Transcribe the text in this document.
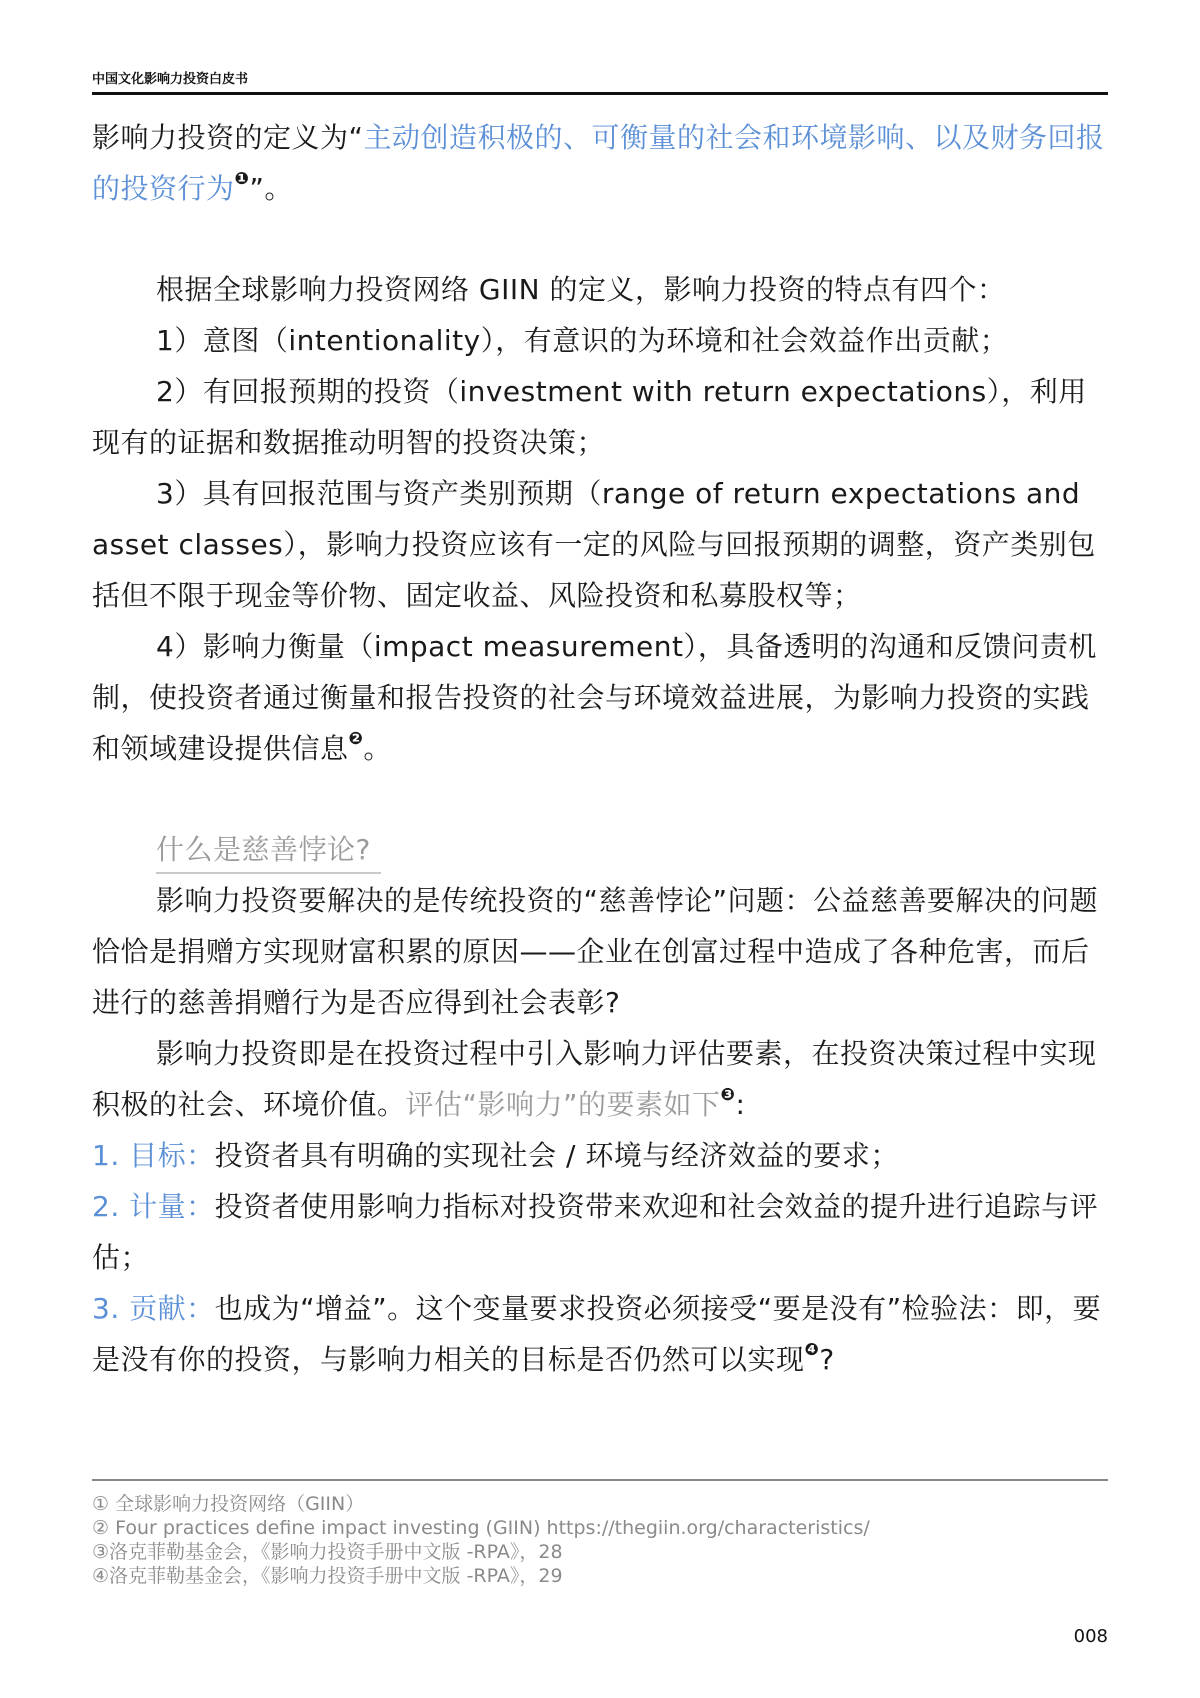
中国文化影响力投资白皮书

影响力投资的定义为“主动创造积极的、可衡量的社会和环境影响、以及财务回报的投资行为$^❶$”。

根据全球影响力投资网络 GIIN 的定义，影响力投资的特点有四个：

1）意图（intentionality），有意识的为环境和社会效益作出贡献；

2）有回报预期的投资（investment with return expectations），利用现有的证据和数据推动明智的投资决策；

3）具有回报范围与资产类别预期（range of return expectations and asset classes），影响力投资应该有一定的风险与回报预期的调整，资产类别包括但不限于现金等价物、固定收益、风险投资和私募股权等；

4）影响力衡量（impact measurement），具备透明的沟通和反馈问责机制，使投资者通过衡量和报告投资的社会与环境效益进展，为影响力投资的实践和领域建设提供信息$^❷$。

什么是慈善悖论?

影响力投资要解决的是传统投资的“慈善悖论”问题：公益慈善要解决的问题恰恰是捐赠方实现财富积累的原因——企业在创富过程中造成了各种危害，而后进行的慈善捐赠行为是否应得到社会表彰?

影响力投资即是在投资过程中引入影响力评估要素，在投资决策过程中实现积极的社会、环境价值。评估“影响力”的要素如下$^❸$:

1. 目标：投资者具有明确的实现社会 / 环境与经济效益的要求；

2. 计量：投资者使用影响力指标对投资带来欢迎和社会效益的提升进行追踪与评估；

3. 贡献：也成为“增益”。这个变量要求投资必须接受“要是没有”检验法：即，要是没有你的投资，与影响力相关的目标是否仍然可以实现$^❹$?

① 全球影响力投资网络（GIIN）
② Four practices define impact investing (GIIN) https://thegiin.org/characteristics/
③洛克菲勒基金会，《影响力投资手册中文版 -RPA》，28
④洛克菲勒基金会，《影响力投资手册中文版 -RPA》，29
008
